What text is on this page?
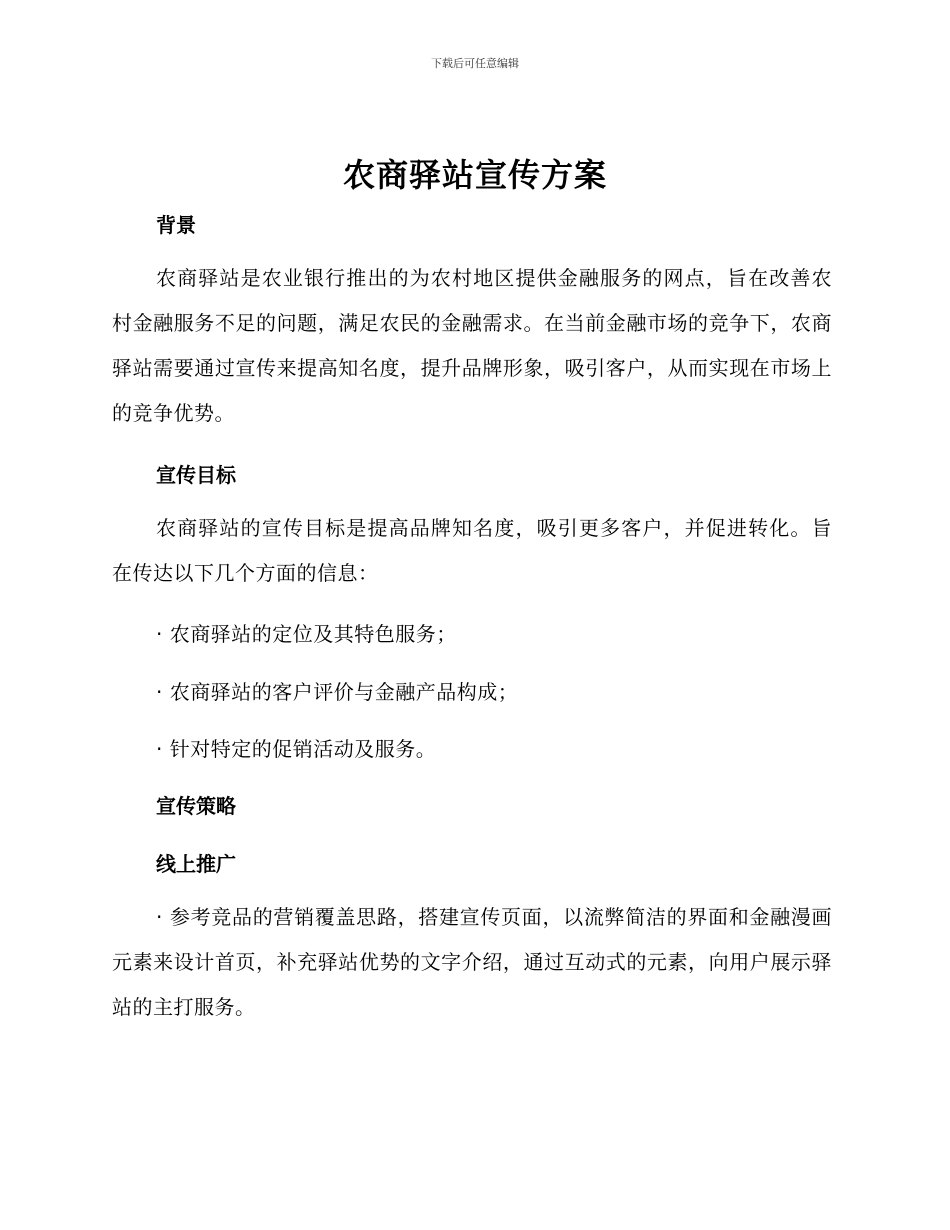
下载后可任意编辑
农商驿站宣传方案
背景

农商驿站是农业银行推出的为农村地区提供金融服务的网点，旨在改善农村金融服务不足的问题，满足农民的金融需求。在当前金融市场的竞争下，农商驿站需要通过宣传来提高知名度，提升品牌形象，吸引客户，从而实现在市场上的竞争优势。

宣传目标

农商驿站的宣传目标是提高品牌知名度，吸引更多客户，并促进转化。旨在传达以下几个方面的信息：

· 农商驿站的定位及其特色服务；
· 农商驿站的客户评价与金融产品构成；
· 针对特定的促销活动及服务。
宣传策略
线上推广

· 参考竞品的营销覆盖思路，搭建宣传页面，以流弊简洁的界面和金融漫画元素来设计首页，补充驿站优势的文字介绍，通过互动式的元素，向用户展示驿站的主打服务。
